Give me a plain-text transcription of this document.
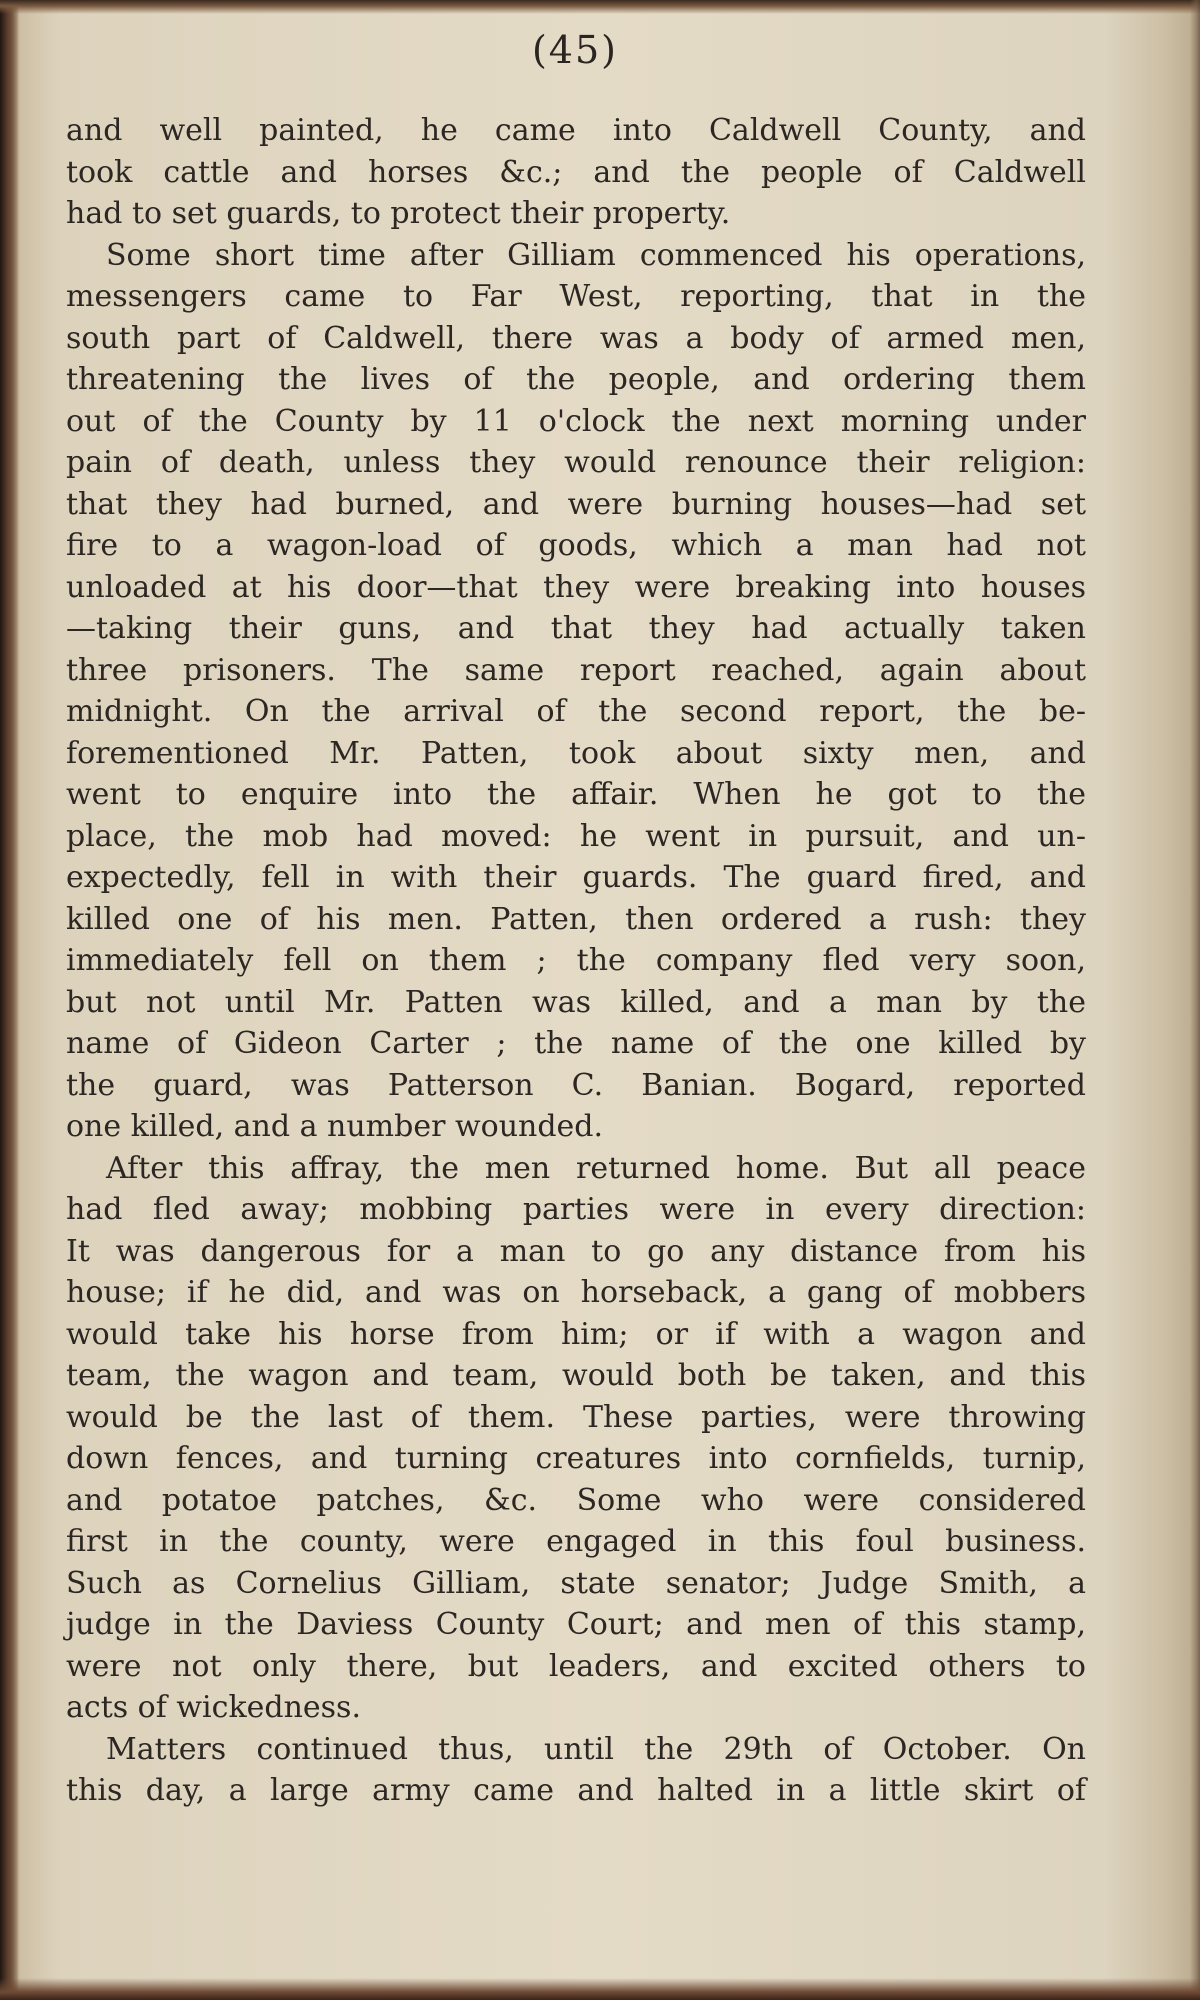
(45)
and well painted, he came into Caldwell County, and
took cattle and horses &c.; and the people of Caldwell
had to set guards, to protect their property.
Some short time after Gilliam commenced his operations,
messengers came to Far West, reporting, that in the
south part of Caldwell, there was a body of armed men,
threatening the lives of the people, and ordering them
out of the County by 11 o'clock the next morning under
pain of death, unless they would renounce their religion:
that they had burned, and were burning houses—had set
fire to a wagon-load of goods, which a man had not
unloaded at his door—that they were breaking into houses
—taking their guns, and that they had actually taken
three prisoners. The same report reached, again about
midnight. On the arrival of the second report, the be-
forementioned Mr. Patten, took about sixty men, and
went to enquire into the affair. When he got to the
place, the mob had moved: he went in pursuit, and un-
expectedly, fell in with their guards. The guard fired, and
killed one of his men. Patten, then ordered a rush: they
immediately fell on them ; the company fled very soon,
but not until Mr. Patten was killed, and a man by the
name of Gideon Carter ; the name of the one killed by
the guard, was Patterson C. Banian. Bogard, reported
one killed, and a number wounded.
After this affray, the men returned home. But all peace
had fled away; mobbing parties were in every direction:
It was dangerous for a man to go any distance from his
house; if he did, and was on horseback, a gang of mobbers
would take his horse from him; or if with a wagon and
team, the wagon and team, would both be taken, and this
would be the last of them. These parties, were throwing
down fences, and turning creatures into cornfields, turnip,
and potatoe patches, &c. Some who were considered
first in the county, were engaged in this foul business.
Such as Cornelius Gilliam, state senator; Judge Smith, a
judge in the Daviess County Court; and men of this stamp,
were not only there, but leaders, and excited others to
acts of wickedness.
Matters continued thus, until the 29th of October. On
this day, a large army came and halted in a little skirt of
